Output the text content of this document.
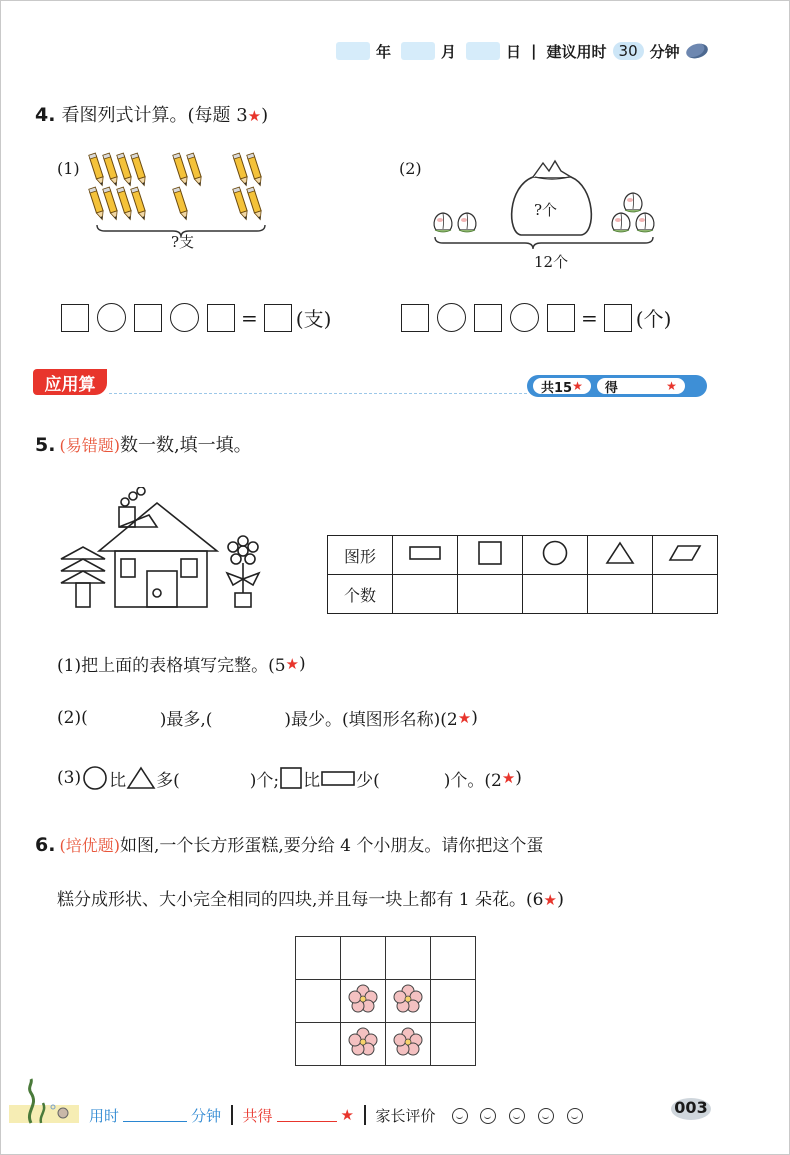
年	月	日 | 建议用时 30 分钟
4. 看图列式计算。(每题 3 ★ )
(1)
?支
(2)
?个
12个
= (支)	= (个)
应用算	共15 ★ 得	★
5. (易错题) 数一数,填一填。
图形					
个数					
(1)把上面的表格填写完整。(5 ★ )
(2)(	)最多,(	)最少。(填图形名称)(2 ★ )
(3) 比 多(	)个; 比 少(	)个。(2 ★ )
6. (培优题) 如图,一个长方形蛋糕,要分给 4 个小朋友。请你把这个蛋
糕分成形状、大小完全相同的四块,并且每一块上都有 1 朵花。(6 ★ )

用时	分钟 共得	★ 家长评价
	003
